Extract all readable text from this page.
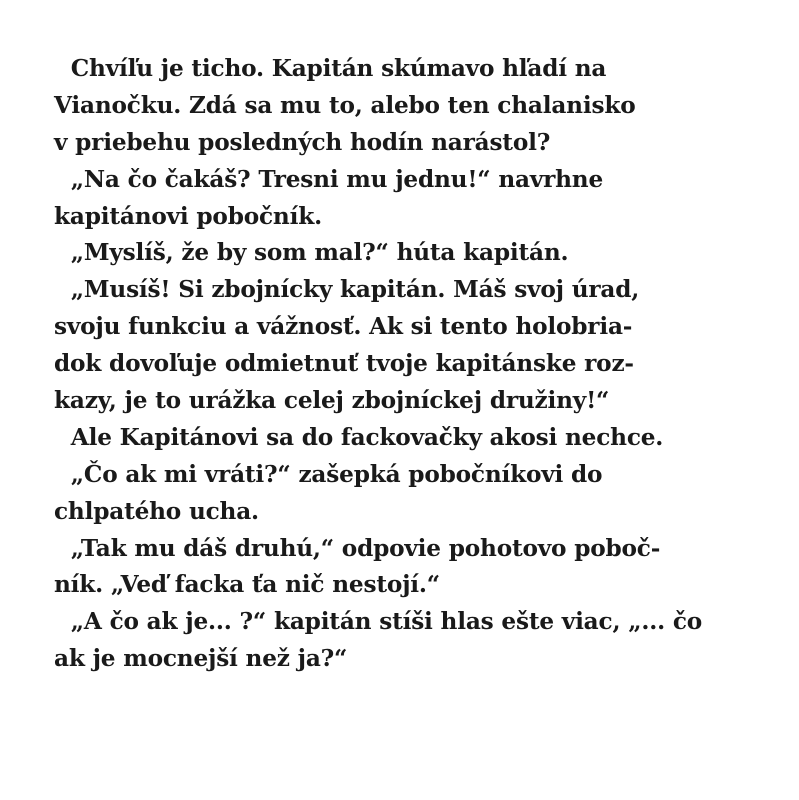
Chvíľu je ticho. Kapitán skúmavo hľadí na
Vianočku. Zdá sa mu to, alebo ten chalanisko
v priebehu posledných hodín narástol?
„Na čo čakáš? Tresni mu jednu!“ navrhne
kapitánovi pobočník.
„Myslíš, že by som mal?“ húta kapitán.
„Musíš! Si zbojnícky kapitán. Máš svoj úrad,
svoju funkciu a vážnosť. Ak si tento holobria-
dok dovoľuje odmietnuť tvoje kapitánske roz-
kazy, je to urážka celej zbojníckej družiny!“
Ale Kapitánovi sa do fackovačky akosi nechce.
„Čo ak mi vráti?“ zašepká pobočníkovi do
chlpatého ucha.
„Tak mu dáš druhú,“ odpovie pohotovo poboč-
ník. „Veď facka ťa nič nestojí.“
„A čo ak je... ?“ kapitán stíši hlas ešte viac, „... čo
ak je mocnejší než ja?“
